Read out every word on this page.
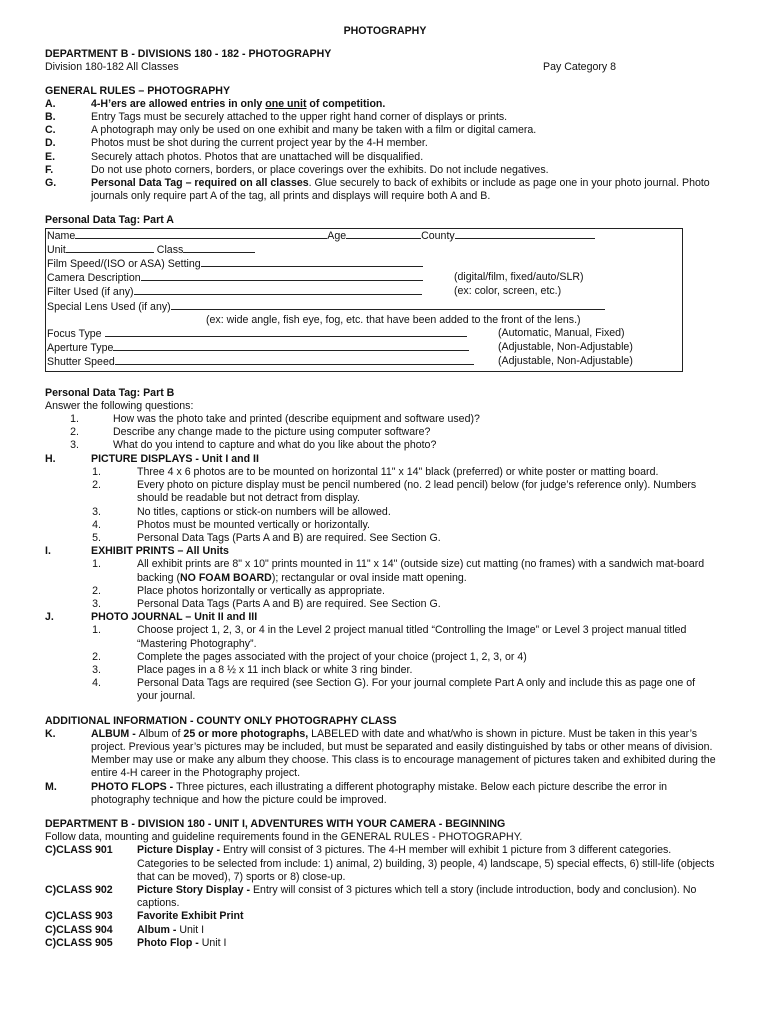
PHOTOGRAPHY
DEPARTMENT B - DIVISIONS 180 - 182 - PHOTOGRAPHY
Division 180-182 All Classes	Pay Category 8
GENERAL RULES – PHOTOGRAPHY
A.	4-H’ers are allowed entries in only one unit of competition.
B.	Entry Tags must be securely attached to the upper right hand corner of displays or prints.
C.	A photograph may only be used on one exhibit and many be taken with a film or digital camera.
D.	Photos must be shot during the current project year by the 4-H member.
E.	Securely attach photos. Photos that are unattached will be disqualified.
F.	Do not use photo corners, borders, or place coverings over the exhibits. Do not include negatives.
G.	Personal Data Tag – required on all classes. Glue securely to back of exhibits or include as page one in your photo journal. Photo journals only require part A of the tag, all prints and displays will require both A and B.
Personal Data Tag: Part A
Name	Age	County
Unit	Class
Film Speed/(ISO or ASA) Setting
Camera Description	(digital/film, fixed/auto/SLR)
Filter Used (if any)	(ex: color, screen, etc.)
Special Lens Used (if any)
(ex: wide angle, fish eye, fog, etc. that have been added to the front of the lens.)
Focus Type	(Automatic, Manual, Fixed)
Aperture Type	(Adjustable, Non-Adjustable)
Shutter Speed	(Adjustable, Non-Adjustable)
Personal Data Tag: Part B
Answer the following questions:
1.	How was the photo take and printed (describe equipment and software used)?
2.	Describe any change made to the picture using computer software?
3.	What do you intend to capture and what do you like about the photo?
H.	PICTURE DISPLAYS - Unit I and II
1.	Three 4 x 6 photos are to be mounted on horizontal 11" x 14" black (preferred) or white poster or matting board.
2.	Every photo on picture display must be pencil numbered (no. 2 lead pencil) below (for judge’s reference only). Numbers should be readable but not detract from display.
3.	No titles, captions or stick-on numbers will be allowed.
4.	Photos must be mounted vertically or horizontally.
5.	Personal Data Tags (Parts A and B) are required. See Section G.
I.	EXHIBIT PRINTS – All Units
1.	All exhibit prints are 8" x 10" prints mounted in 11" x 14" (outside size) cut matting (no frames) with a sandwich mat-board backing (NO FOAM BOARD); rectangular or oval inside matt opening.
2.	Place photos horizontally or vertically as appropriate.
3.	Personal Data Tags (Parts A and B) are required. See Section G.
J.	PHOTO JOURNAL – Unit II and III
1.	Choose project 1, 2, 3, or 4 in the Level 2 project manual titled “Controlling the Image” or Level 3 project manual titled “Mastering Photography”.
2.	Complete the pages associated with the project of your choice (project 1, 2, 3, or 4)
3.	Place pages in a 8 ½ x 11 inch black or white 3 ring binder.
4.	Personal Data Tags are required (see Section G). For your journal complete Part A only and include this as page one of your journal.
ADDITIONAL INFORMATION - COUNTY ONLY PHOTOGRAPHY CLASS
K.	ALBUM - Album of 25 or more photographs, LABELED with date and what/who is shown in picture. Must be taken in this year’s project. Previous year’s pictures may be included, but must be separated and easily distinguished by tabs or other means of division. Member may use or make any album they choose. This class is to encourage management of pictures taken and exhibited during the entire 4-H career in the Photography project.
M.	PHOTO FLOPS - Three pictures, each illustrating a different photography mistake. Below each picture describe the error in photography technique and how the picture could be improved.
DEPARTMENT B - DIVISION 180 - UNIT I, ADVENTURES WITH YOUR CAMERA - BEGINNING
Follow data, mounting and guideline requirements found in the GENERAL RULES - PHOTOGRAPHY.
C)CLASS 901	Picture Display - Entry will consist of 3 pictures. The 4-H member will exhibit 1 picture from 3 different categories. Categories to be selected from include: 1) animal, 2) building, 3) people, 4) landscape, 5) special effects, 6) still-life (objects that can be moved), 7) sports or 8) close-up.
C)CLASS 902	Picture Story Display - Entry will consist of 3 pictures which tell a story (include introduction, body and conclusion). No captions.
C)CLASS 903	Favorite Exhibit Print
C)CLASS 904	Album - Unit I
C)CLASS 905	Photo Flop - Unit I
